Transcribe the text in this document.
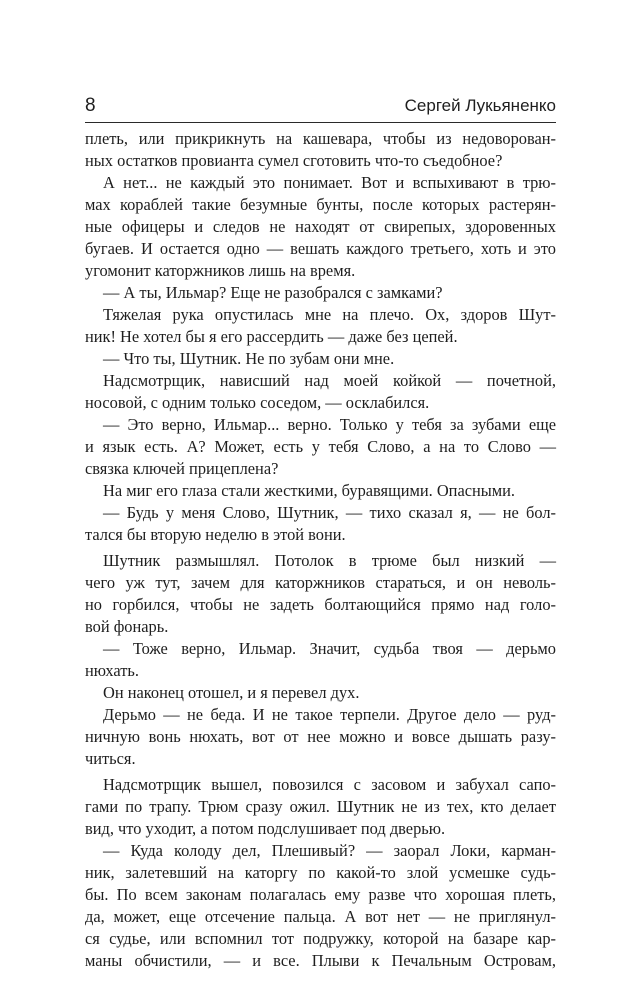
8	Сергей Лукьяненко
плеть, или прикрикнуть на кашевара, чтобы из недоворован-
ных остатков провианта сумел сготовить что-то съедобное?
А нет... не каждый это понимает. Вот и вспыхивают в трю-
мах кораблей такие безумные бунты, после которых растерян-
ные офицеры и следов не находят от свирепых, здоровенных
бугаев. И остается одно — вешать каждого третьего, хоть и это
угомонит каторжников лишь на время.
— А ты, Ильмар? Еще не разобрался с замками?
Тяжелая рука опустилась мне на плечо. Ох, здоров Шут-
ник! Не хотел бы я его рассердить — даже без цепей.
— Что ты, Шутник. Не по зубам они мне.
Надсмотрщик, нависший над моей койкой — почетной,
носовой, с одним только соседом, — осклабился.
— Это верно, Ильмар... верно. Только у тебя за зубами еще
и язык есть. А? Может, есть у тебя Слово, а на то Слово —
связка ключей прицеплена?
На миг его глаза стали жесткими, буравящими. Опасными.
— Будь у меня Слово, Шутник, — тихо сказал я, — не бол-
тался бы вторую неделю в этой вони.
Шутник размышлял. Потолок в трюме был низкий —
чего уж тут, зачем для каторжников стараться, и он неволь-
но горбился, чтобы не задеть болтающийся прямо над голо-
вой фонарь.
— Тоже верно, Ильмар. Значит, судьба твоя — дерьмо
нюхать.
Он наконец отошел, и я перевел дух.
Дерьмо — не беда. И не такое терпели. Другое дело — руд-
ничную вонь нюхать, вот от нее можно и вовсе дышать разу-
читься.
Надсмотрщик вышел, повозился с засовом и забухал сапо-
гами по трапу. Трюм сразу ожил. Шутник не из тех, кто делает
вид, что уходит, а потом подслушивает под дверью.
— Куда колоду дел, Плешивый? — заорал Локи, карман-
ник, залетевший на каторгу по какой-то злой усмешке судь-
бы. По всем законам полагалась ему разве что хорошая плеть,
да, может, еще отсечение пальца. А вот нет — не приглянул-
ся судье, или вспомнил тот подружку, которой на базаре кар-
маны обчистили, — и все. Плыви к Печальным Островам,
